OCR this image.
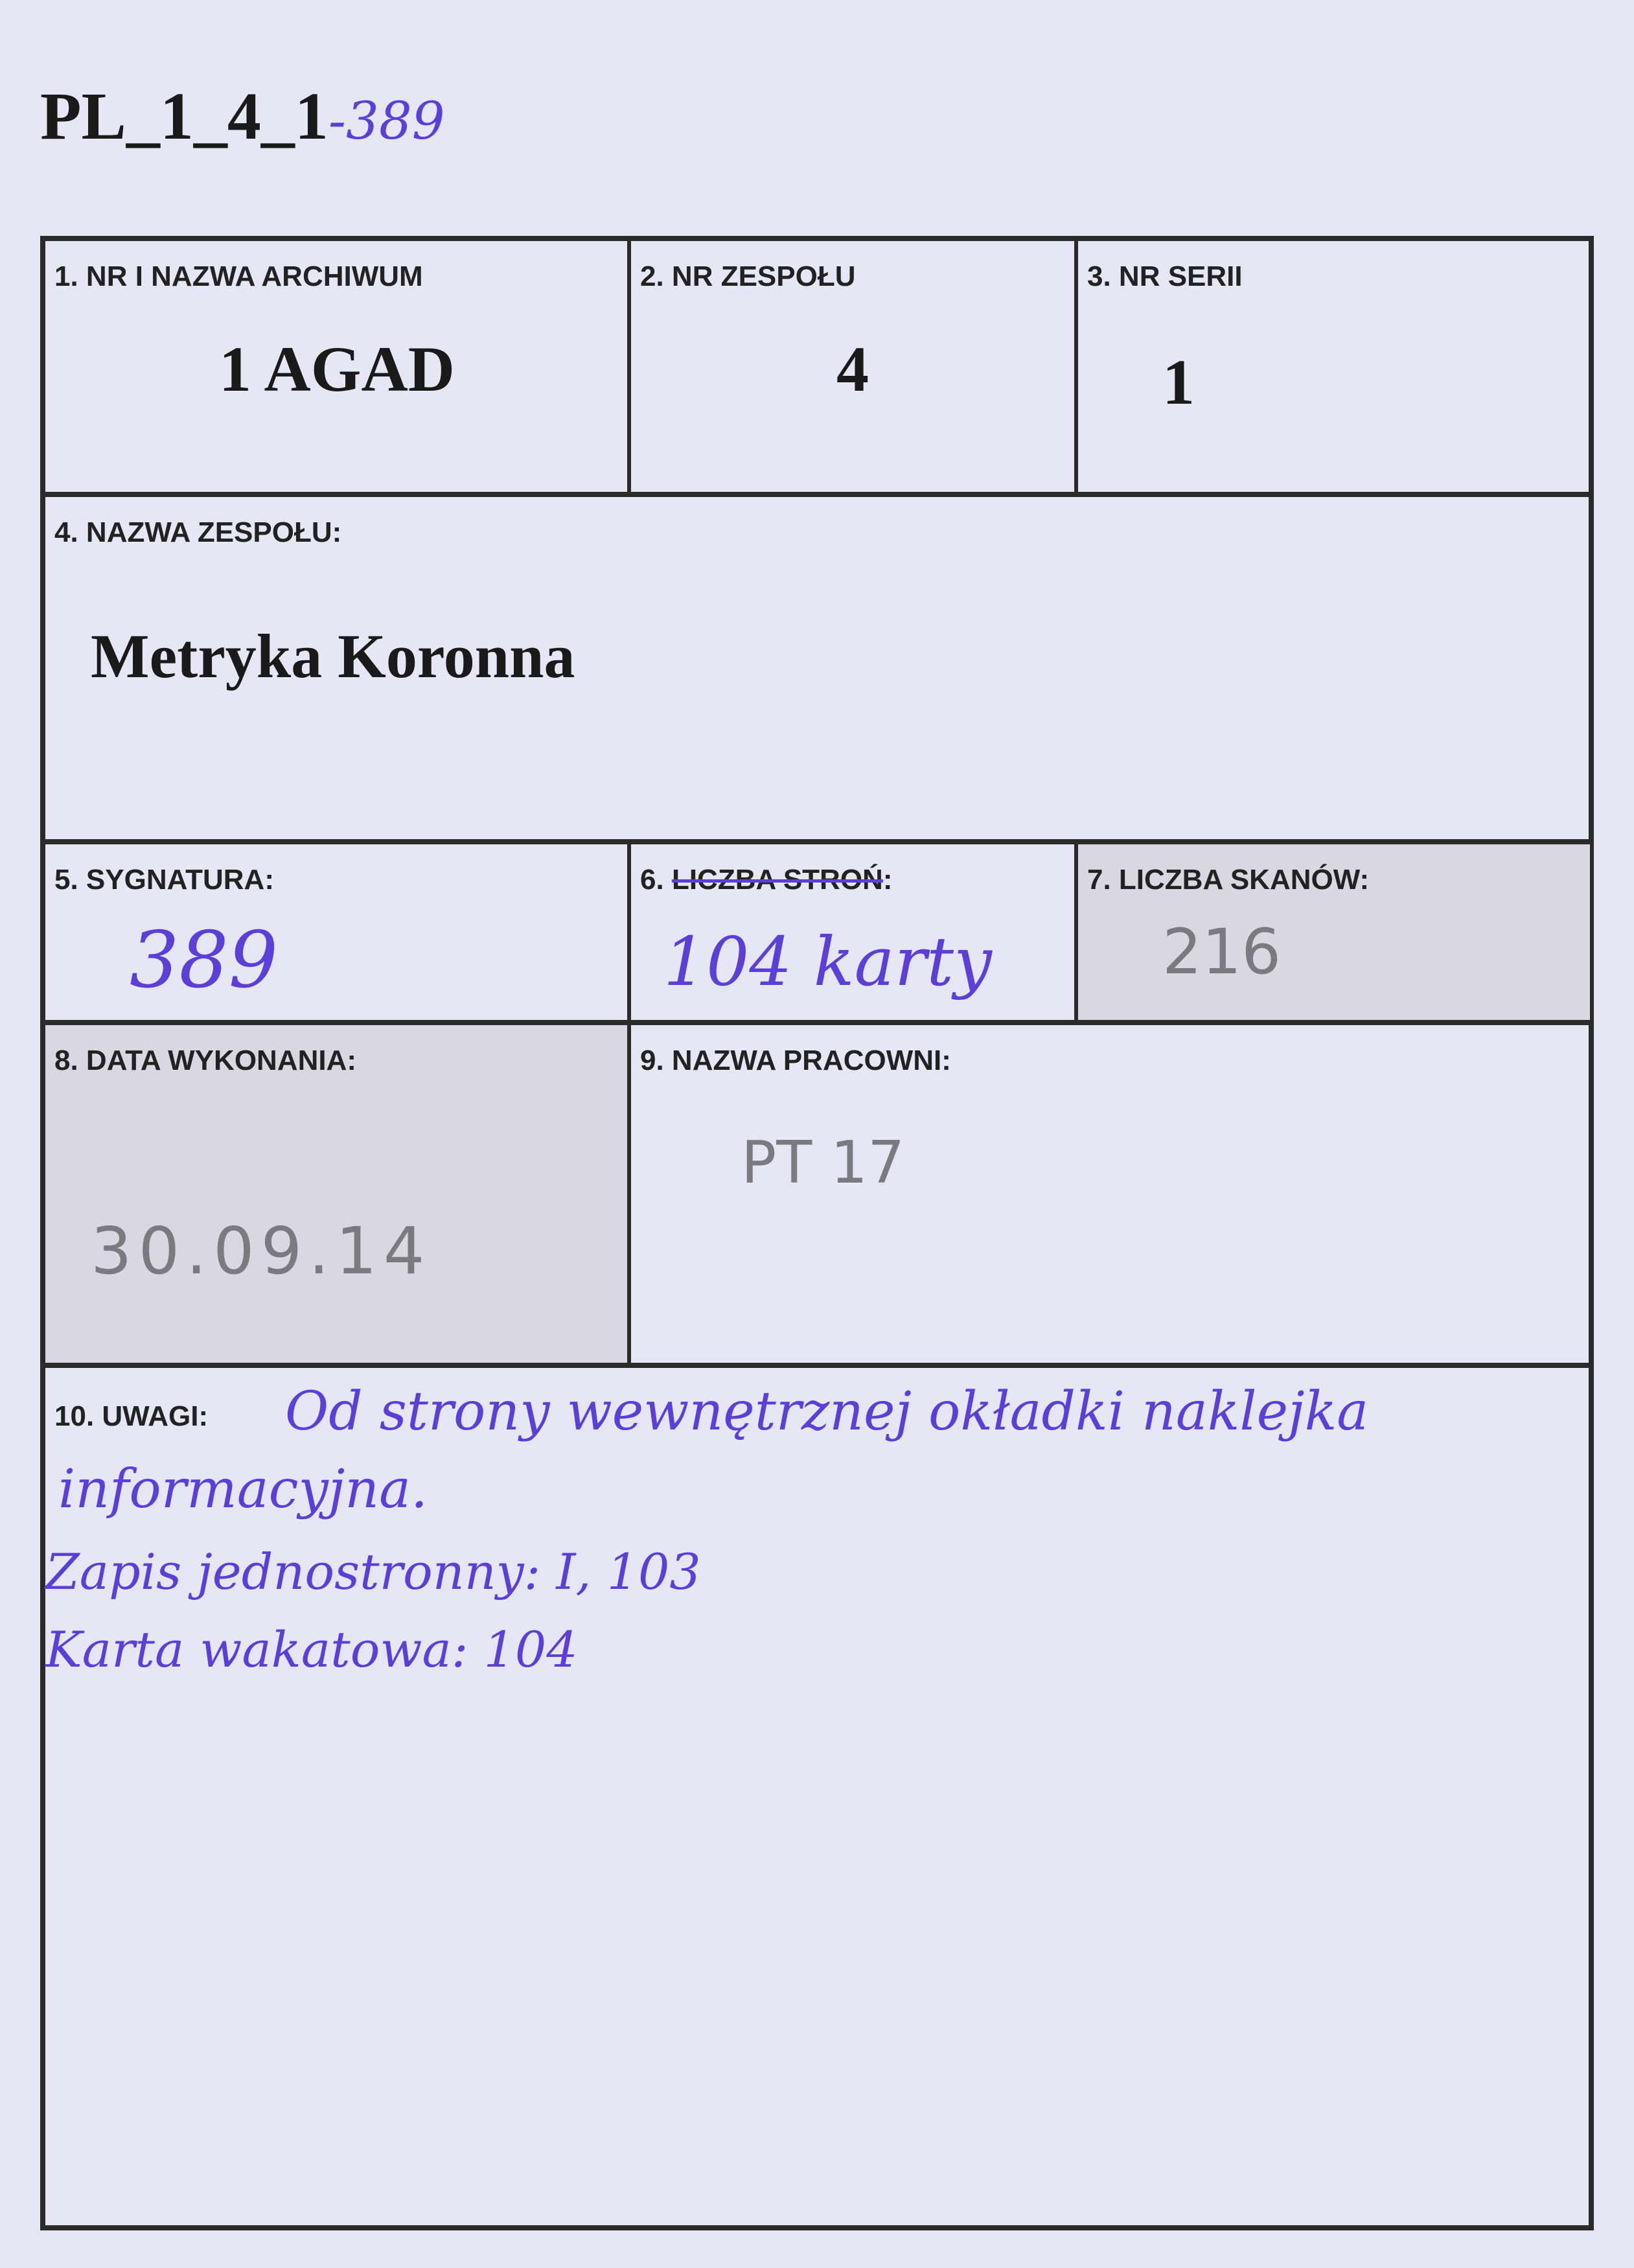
PL_1_4_1-389
1. NR I NAZWA ARCHIWUM
1 AGAD
2. NR ZESPOŁU
4
3. NR SERII
1
4. NAZWA ZESPOŁU:
Metryka Koronna
5. SYGNATURA:
389
6. LICZBA STROŃ:
104 karty
7. LICZBA SKANÓW:
216
8. DATA WYKONANIA:
30.09.14
9. NAZWA PRACOWNI:
PT 17
10. UWAGI: Od strony wewnętrznej okładki naklejka
informacyjna.
Zapis jednostronny: I, 103
Karta wakatowa: 104
